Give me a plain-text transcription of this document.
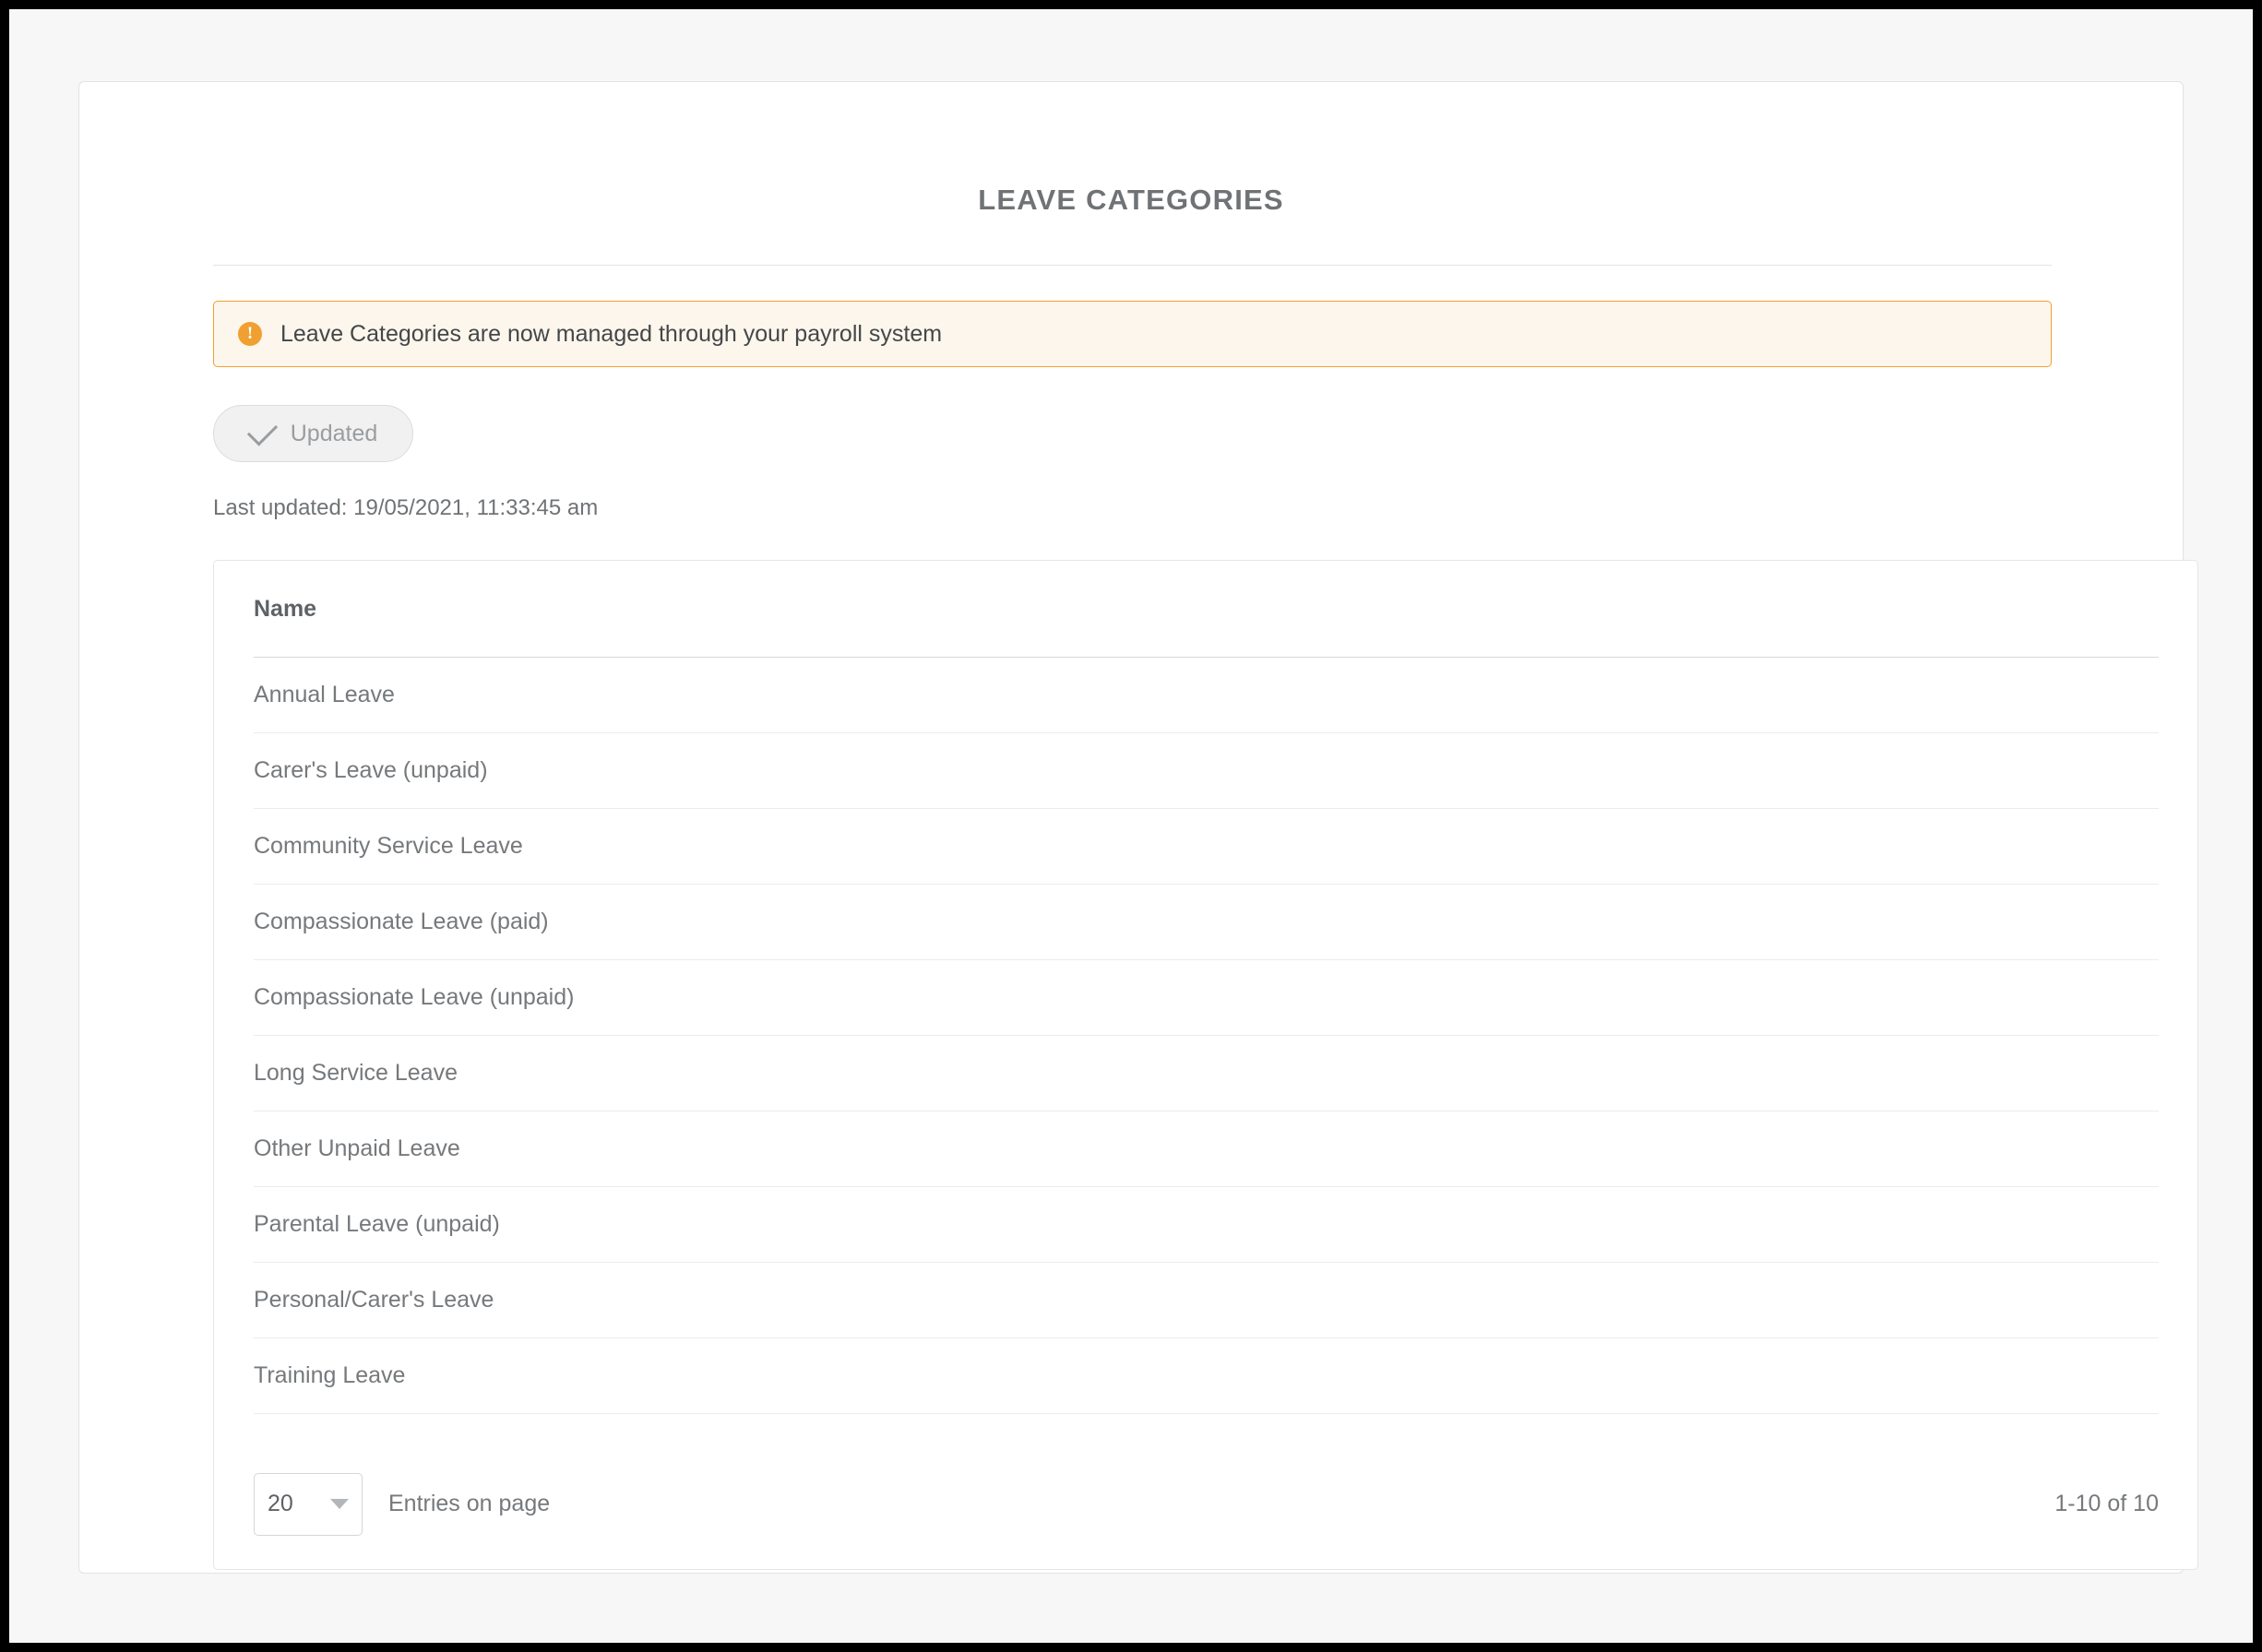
LEAVE CATEGORIES
!	Leave Categories are now managed through your payroll system
Updated
Last updated: 19/05/2021, 11:33:45 am
Name
Annual Leave
Carer's Leave (unpaid)
Community Service Leave
Compassionate Leave (paid)
Compassionate Leave (unpaid)
Long Service Leave
Other Unpaid Leave
Parental Leave (unpaid)
Personal/Carer's Leave
Training Leave
20	Entries on page	1-10 of 10
